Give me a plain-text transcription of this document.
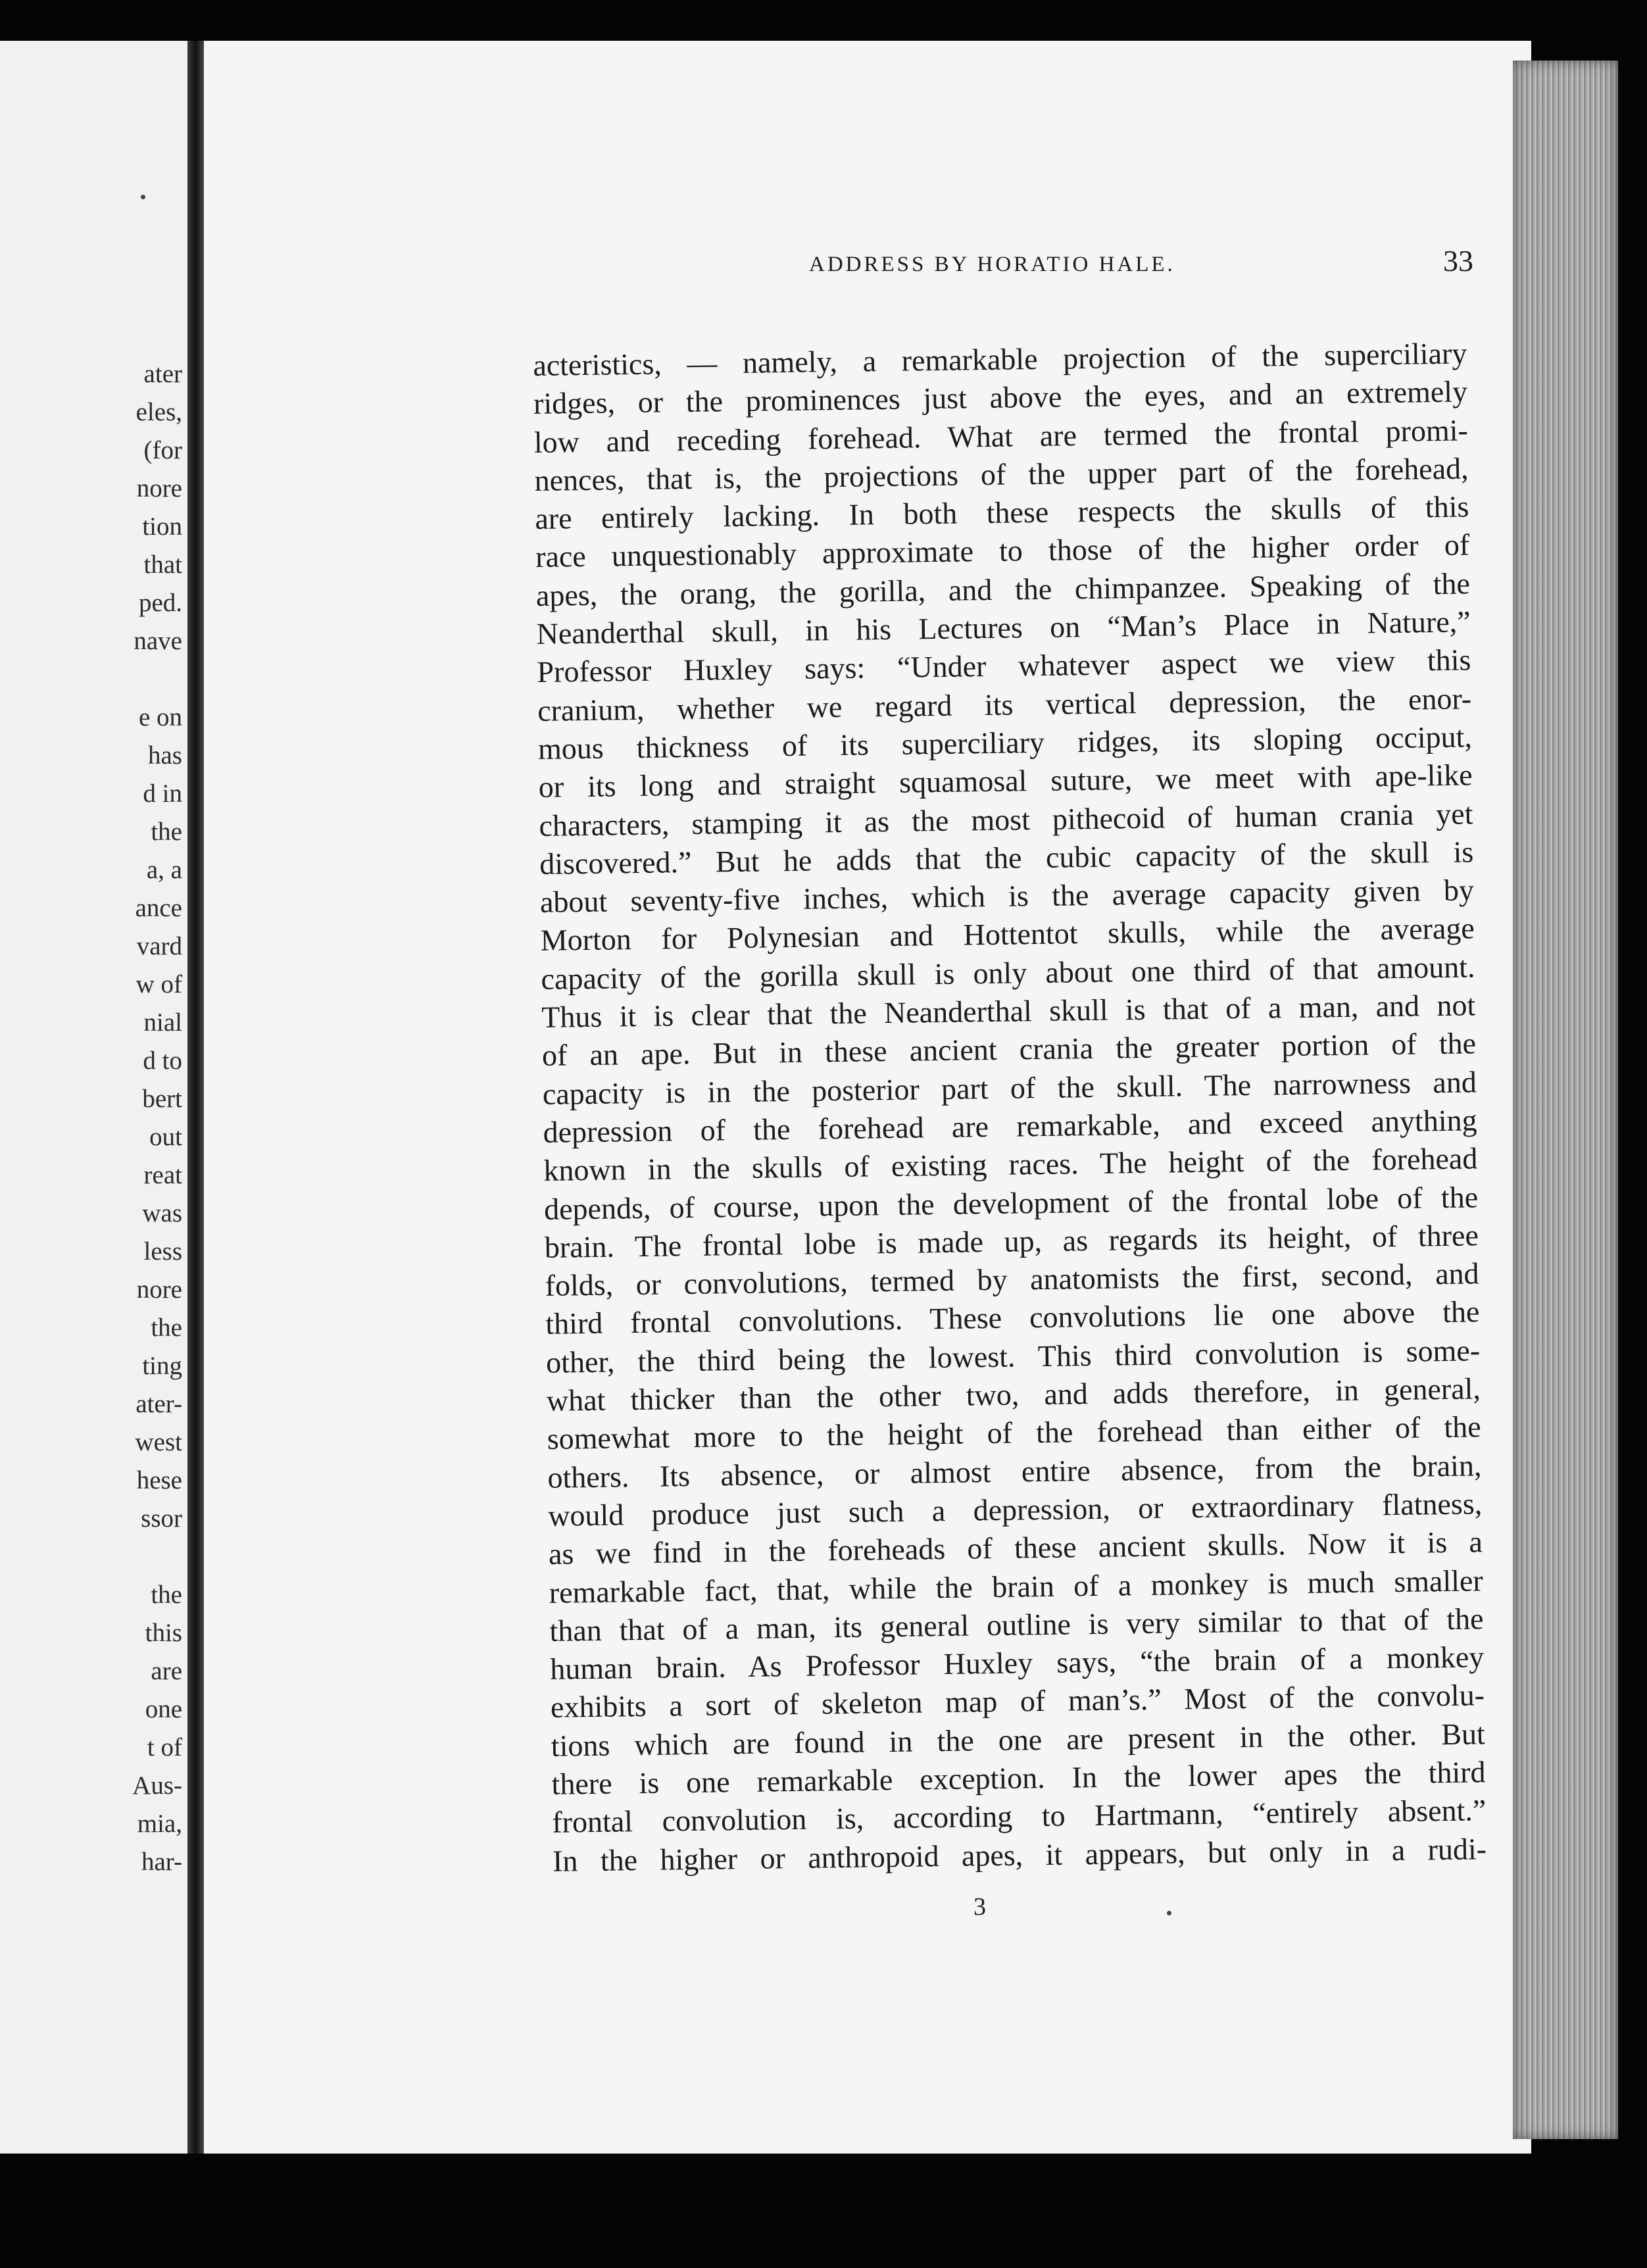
ater
eles,
(for
nore
tion
that
ped.
nave
e on
has
d in
the
a, a
ance
vard
w of
nial
d to
bert
out
reat
was
less
nore
the
ting
ater-
west
hese
ssor
the
this
are
one
t of
Aus-
mia,
har-
ADDRESS BY HORATIO HALE.	33
acteristics, — namely, a remarkable projection of the superciliary
ridges, or the prominences just above the eyes, and an extremely
low and receding forehead. What are termed the frontal promi-
nences, that is, the projections of the upper part of the forehead,
are entirely lacking. In both these respects the skulls of this
race unquestionably approximate to those of the higher order of
apes, the orang, the gorilla, and the chimpanzee. Speaking of the
Neanderthal skull, in his Lectures on “Man’s Place in Nature,”
Professor Huxley says: “Under whatever aspect we view this
cranium, whether we regard its vertical depression, the enor-
mous thickness of its superciliary ridges, its sloping occiput,
or its long and straight squamosal suture, we meet with ape-like
characters, stamping it as the most pithecoid of human crania yet
discovered.” But he adds that the cubic capacity of the skull is
about seventy-five inches, which is the average capacity given by
Morton for Polynesian and Hottentot skulls, while the average
capacity of the gorilla skull is only about one third of that amount.
Thus it is clear that the Neanderthal skull is that of a man, and not
of an ape. But in these ancient crania the greater portion of the
capacity is in the posterior part of the skull. The narrowness and
depression of the forehead are remarkable, and exceed anything
known in the skulls of existing races. The height of the forehead
depends, of course, upon the development of the frontal lobe of the
brain. The frontal lobe is made up, as regards its height, of three
folds, or convolutions, termed by anatomists the first, second, and
third frontal convolutions. These convolutions lie one above the
other, the third being the lowest. This third convolution is some-
what thicker than the other two, and adds therefore, in general,
somewhat more to the height of the forehead than either of the
others. Its absence, or almost entire absence, from the brain,
would produce just such a depression, or extraordinary flatness,
as we find in the foreheads of these ancient skulls. Now it is a
remarkable fact, that, while the brain of a monkey is much smaller
than that of a man, its general outline is very similar to that of the
human brain. As Professor Huxley says, “the brain of a monkey
exhibits a sort of skeleton map of man’s.” Most of the convolu-
tions which are found in the one are present in the other. But
there is one remarkable exception. In the lower apes the third
frontal convolution is, according to Hartmann, “entirely absent.”
In the higher or anthropoid apes, it appears, but only in a rudi-
3
